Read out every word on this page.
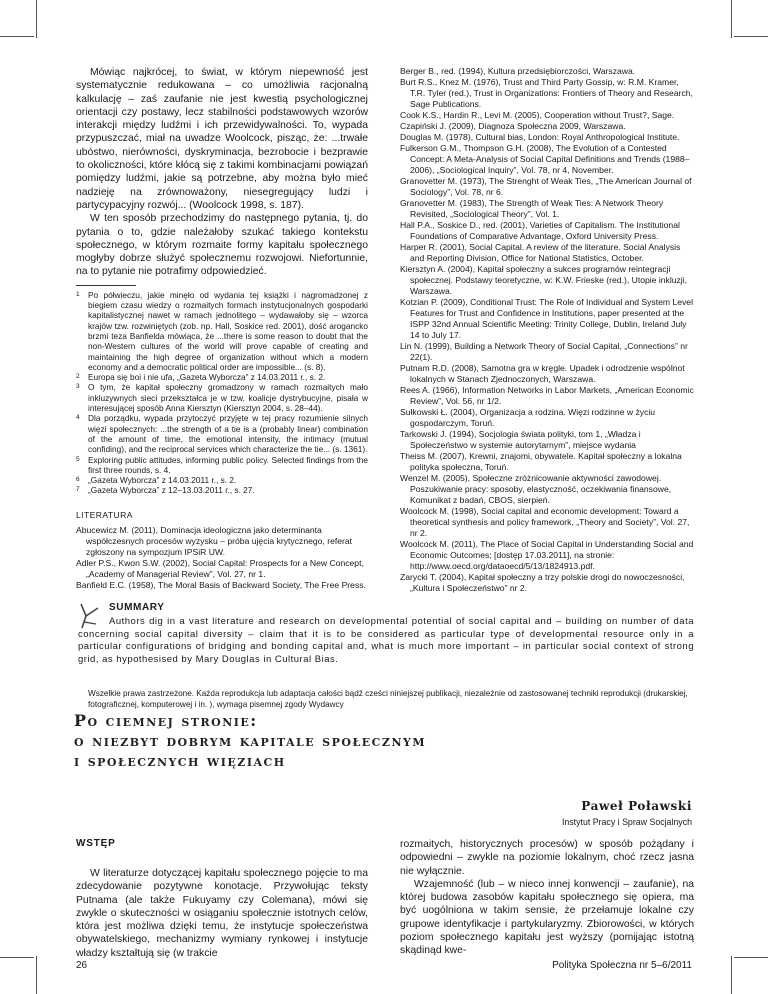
Mówiąc najkrócej, to świat, w którym niepewność jest systematycznie redukowana – co umożliwia racjonalną kalkulację – zaś zaufanie nie jest kwestią psychologicznej orientacji czy postawy, lecz stabilności podstawowych wzorów interakcji między ludźmi i ich przewidywalności. To, wypada przypuszczać, miał na uwadze Woolcock, pisząc, że: ...trwałe ubóstwo, nierówności, dyskryminacja, bezrobocie i bezprawie to okoliczności, które kłócą się z takimi kombinacjami powiązań pomiędzy ludźmi, jakie są potrzebne, aby można było mieć nadzieję na zrównoważony, niesegregujący ludzi i partycypacyjny rozwój... (Woolcock 1998, s. 187).

W ten sposób przechodzimy do następnego pytania, tj. do pytania o to, gdzie należałoby szukać takiego kontekstu społecznego, w którym rozmaite formy kapitału społecznego mogłyby dobrze służyć społecznemu rozwojowi. Niefortunnie, na to pytanie nie potrafimy odpowiedzieć.

1	Po półwieczu, jakie minęło od wydania tej książki i nagromadzonej z biegiem czasu wiedzy o rozmaitych formach instytucjonalnych gospodarki kapitalistycznej nawet w ramach jednolitego – wydawałoby się – wzorca krajów tzw. rozwiniętych (zob. np. Hall, Soskice red. 2001), dość arogancko brzmi teza Banfielda mówiąca, że ...there is some reason to doubt that the non-Western cultures of the world will prove capable of creating and maintaining the high degree of organization without which a modern economy and a democratic political order are impossible... (s. 8).
2	Europa się boi i nie ufa, „Gazeta Wyborcza” z 14.03.2011 r., s. 2.
3	O tym, że kapitał społeczny gromadzony w ramach rozmaitych mało inkluzywnych sieci przekształca je w tzw. koalicje dystrybucyjne, pisała w interesującej sposób Anna Kiersztyn (Kiersztyn 2004, s. 28–44).
4	Dla porządku, wypada przytoczyć przyjęte w tej pracy rozumienie silnych więzi społecznych: ...the strength of a tie is a (probably linear) combination of the amount of time, the emotional intensity, the intimacy (mutual confiding), and the reciprocal services which characterize the tie... (s. 1361).
5	Exploring public attitudes, informing public policy. Selected findings from the first three rounds, s. 4.
6	„Gazeta Wyborcza” z 14.03.2011 r., s. 2.
7	„Gazeta Wyborcza” z 12–13.03.2011 r., s. 27.
LITERATURA

Abucewicz M. (2011), Dominacja ideologiczna jako determinanta współczesnych procesów wyzysku – próba ujęcia krytycznego, referat zgłoszony na sympozjum IPSiR UW.

Adler P.S., Kwon S.W. (2002), Social Capital: Prospects for a New Concept, „Academy of Managerial Review”, Vol. 27, nr 1.

Banfield E.C. (1958), The Moral Basis of Backward Society, The Free Press.

Berger B., red. (1994), Kultura przedsiębiorczości, Warszawa.

Burt R.S., Knez M. (1976), Trust and Third Party Gossip, w: R.M. Kramer, T.R. Tyler (red.), Trust in Organizations: Frontiers of Theory and Research, Sage Publications.

Cook K.S., Hardin R., Levi M. (2005), Cooperation without Trust?, Sage.

Czapiński J. (2009), Diagnoza Społeczna 2009, Warszawa.

Douglas M. (1978), Cultural bias, London: Royal Anthropological Institute.

Fulkerson G.M., Thompson G.H. (2008), The Evolution of a Contested Concept: A Meta-Analysis of Social Capital Definitions and Trends (1988–2006), „Sociological Inquiry”, Vol. 78, nr 4, November.

Granovetter M. (1973), The Strenght of Weak Ties, „The American Journal of Sociology”, Vol. 78, nr 6.

Granovetter M. (1983), The Strength of Weak Ties: A Network Theory Revisited, „Sociological Theory”, Vol. 1.

Hall P.A., Soskice D., red. (2001), Varieties of Capitalism. The Institutional Foundations of Comparative Advantage, Oxford University Press.

Harper R. (2001), Social Capital. A review of the literature. Social Analysis and Reporting Division, Office for National Statistics, October.

Kiersztyn A. (2004), Kapitał społeczny a sukces programów reintegracji społecznej. Podstawy teoretyczne, w: K.W. Frieske (red.), Utopie inkluzji, Warszawa.

Kotzian P. (2009), Conditional Trust: The Role of Individual and System Level Features for Trust and Confidence in Institutions, paper presented at the ISPP 32nd Annual Scientific Meeting: Trinity College, Dublin, Ireland July 14 to July 17.

Lin N. (1999), Building a Network Theory of Social Capital, „Connections” nr 22(1).

Putnam R.D. (2008), Samotna gra w kręgle. Upadek i odrodzenie wspólnot lokalnych w Stanach Zjednoczonych, Warszawa.

Rees A. (1966), Information Networks in Labor Markets, „American Economic Review”, Vol. 56, nr 1/2.

Sułkowski Ł. (2004), Organizacja a rodzina. Więzi rodzinne w życiu gospodarczym, Toruń.

Tarkowski J. (1994), Socjologia świata polityki, tom 1, „Władza i Społeczeństwo w systemie autorytarnym”, miejsce wydania

Theiss M. (2007), Krewni, znajomi, obywatele. Kapitał społeczny a lokalna polityka społeczna, Toruń.

Wenzel M. (2005), Społeczne zróżnicowanie aktywności zawodowej. Poszukiwanie pracy: sposoby, elastyczność, oczekiwania finansowe, Komunikat z badań, CBOS, sierpień.

Woolcock M. (1998), Social capital and economic development: Toward a theoretical synthesis and policy framework, „Theory and Society”, Vol. 27, nr 2.

Woolcock M. (2011), The Place of Social Capital in Understanding Social and Economic Outcomes; [dostęp 17.03.2011], na stronie: http://www.oecd.org/dataoecd/5/13/1824913.pdf.

Zarycki T. (2004), Kapitał społeczny a trzy polskie drogi do nowoczesności, „Kultura i Społeczeństwo” nr 2.

SUMMARY

Authors dig in a vast literature and research on developmental potential of social capital and – building on number of data concerning social capital diversity – claim that it is to be considered as particular type of developmental resource only in a particular configurations of bridging and bonding capital and, what is much more important – in particular social context of strong grid, as hypothesised by Mary Douglas in Cultural Bias.

Wszelkie prawa zastrzeżone. Każda reprodukcja lub adaptacja całości bądź cześci niniejszej publikacji, niezależnie od zastosowanej techniki reprodukcji (drukarskiej, fotograficznej, komputerowej i in. ), wymaga pisemnej zgody Wydawcy

Po ciemnej stronie:

o niezbyt dobrym kapitale społecznym

i społecznych więziach

Paweł Poławski
Instytut Pracy i Spraw Socjalnych
WSTĘP

W literaturze dotyczącej kapitału społecznego pojęcie to ma zdecydowanie pozytywne konotacje. Przywołując teksty Putnama (ale także Fukuyamy czy Colemana), mówi się zwykle o skuteczności w osiąganiu społecznie istotnych celów, która jest możliwa dzięki temu, że instytucje społeczeństwa obywatelskiego, mechanizmy wymiany rynkowej i instytucje władzy kształtują się (w trakcie

rozmaitych, historycznych procesów) w sposób pożądany i odpowiedni – zwykle na poziomie lokalnym, choć rzecz jasna nie wyłącznie.

Wzajemność (lub – w nieco innej konwencji – zaufanie), na której budowa zasobów kapitału społecznego się opiera, ma być uogólniona w takim sensie, że przełamuje lokalne czy grupowe identyfikacje i partykularyzmy. Zbiorowości, w których poziom społecznego kapitału jest wyższy (pomijając istotną skądinąd kwe-

26	Polityka Społeczna nr 5–6/2011
